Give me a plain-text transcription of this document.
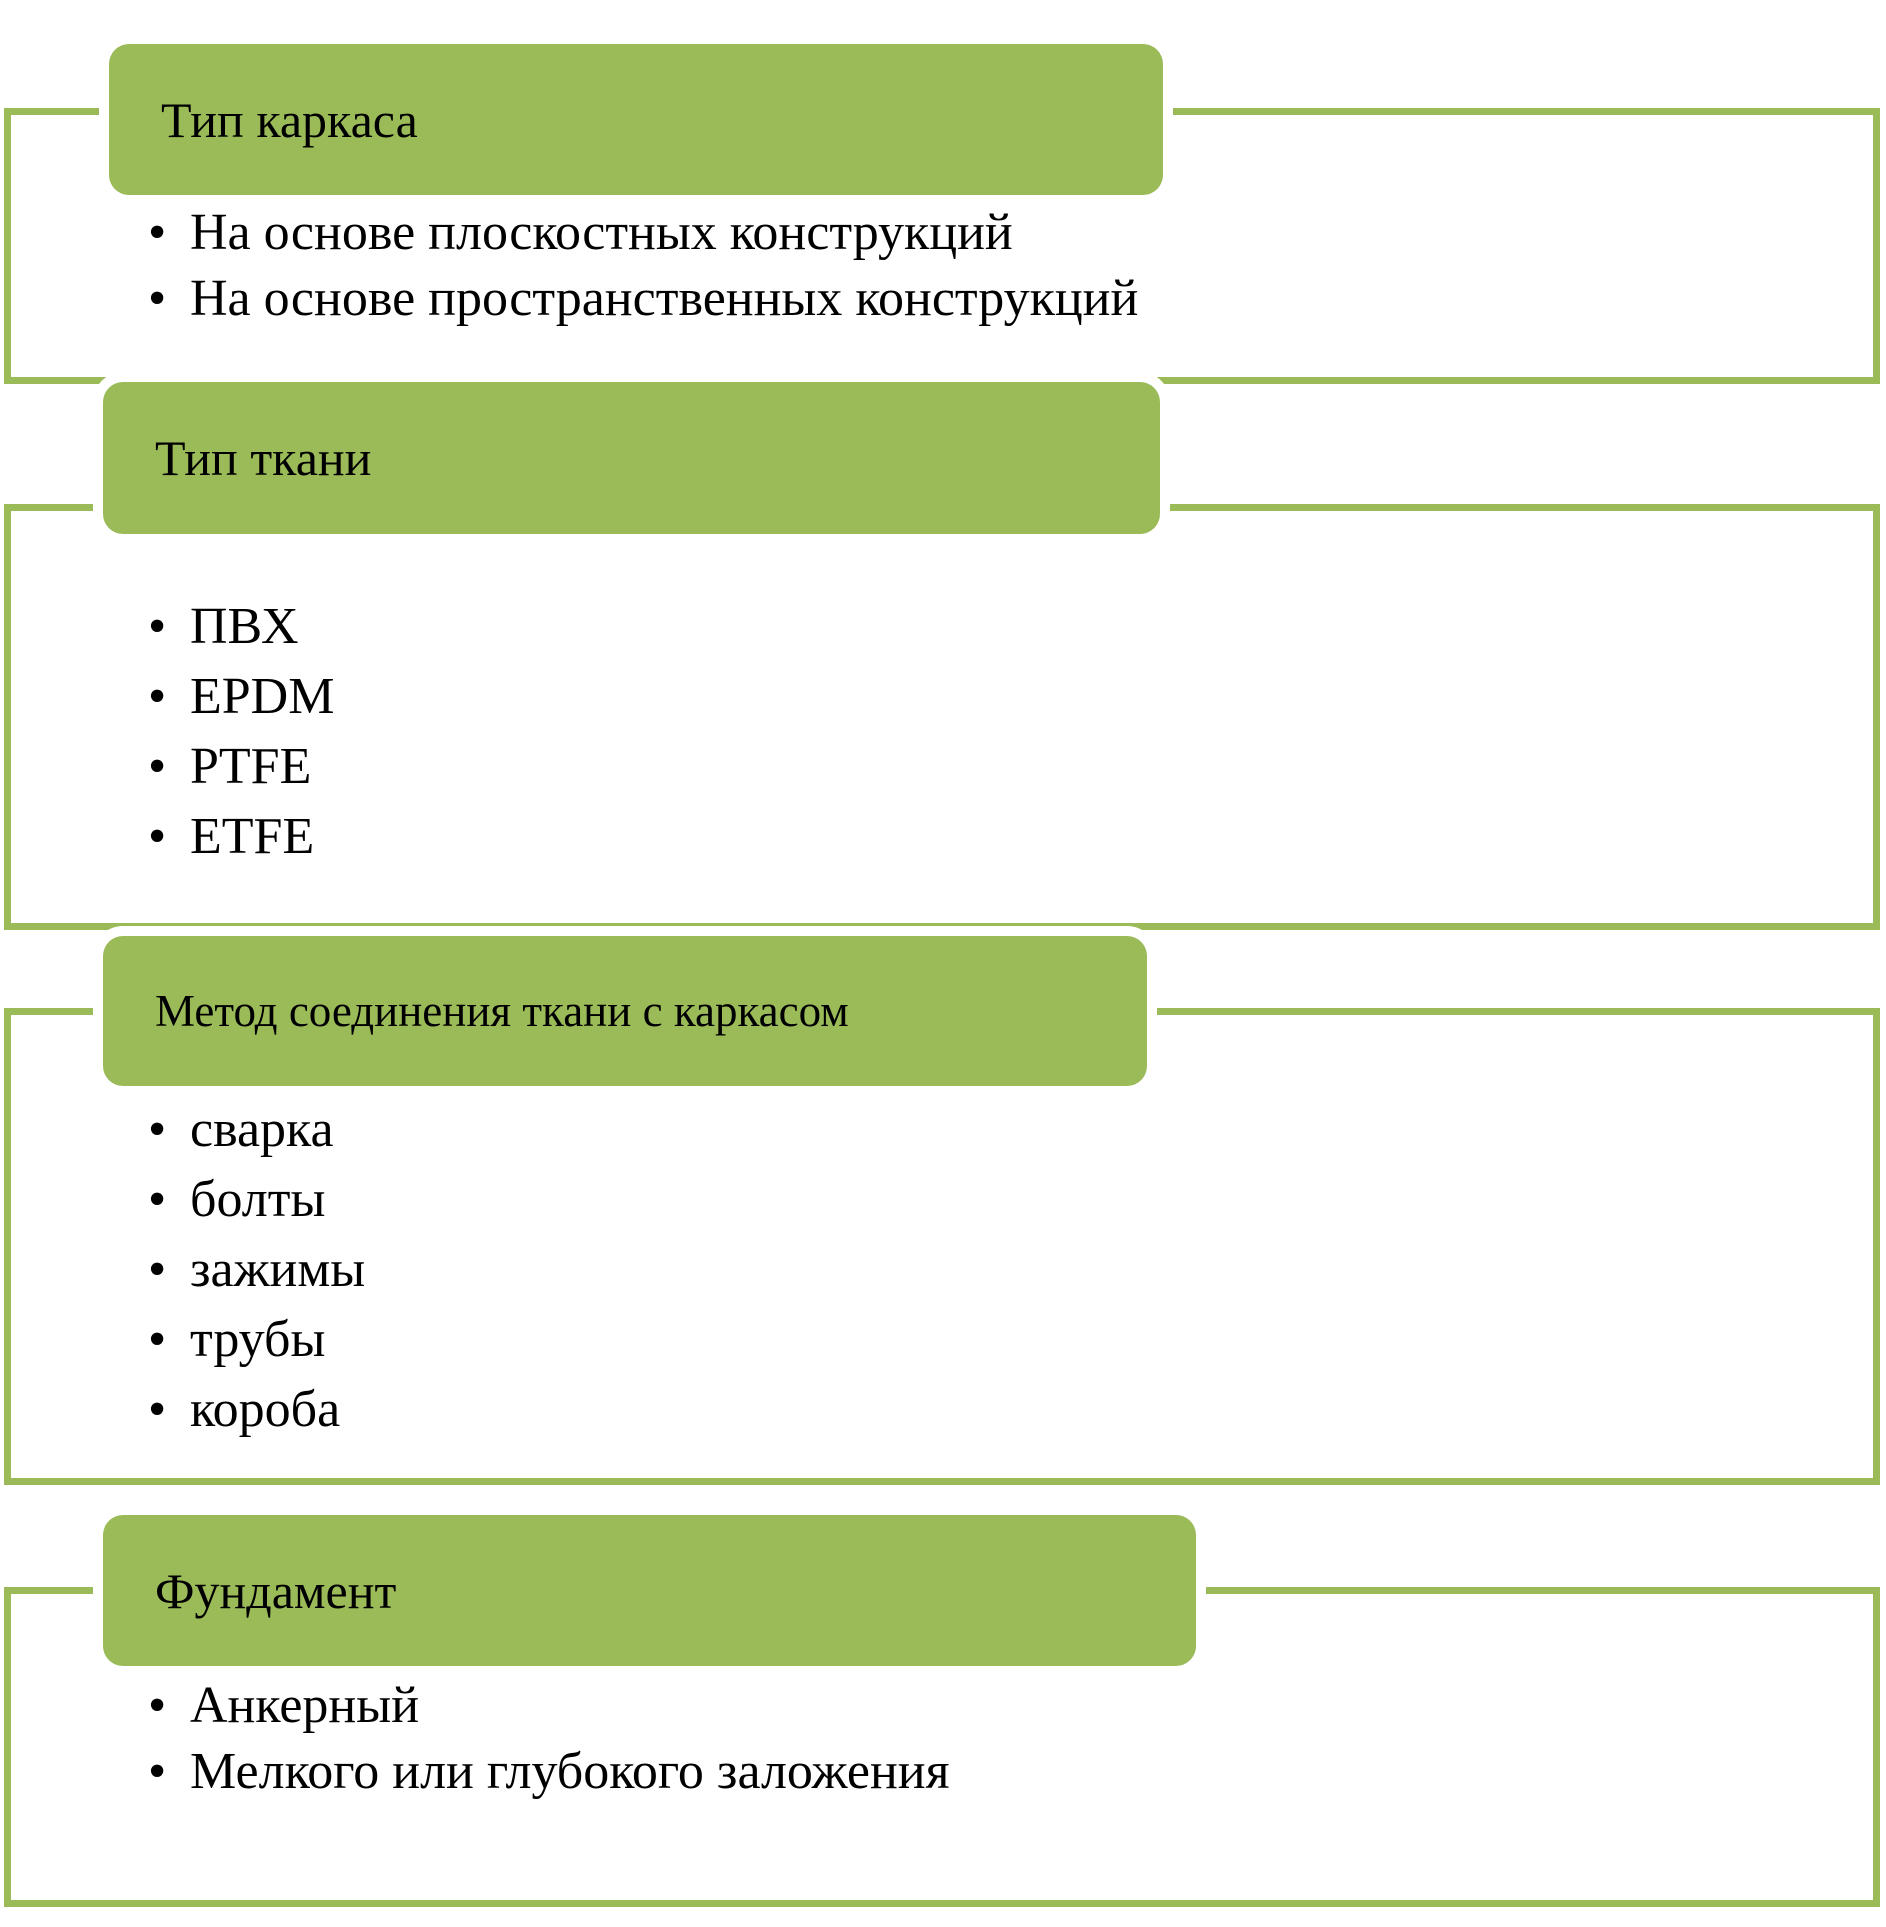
Тип каркаса
• На основе плоскостных конструкций
• На основе пространственных конструкций
Тип ткани
• ПВХ
• EPDM
• PTFE
• ETFE
Метод соединения ткани с каркасом
• сварка
• болты
• зажимы
• трубы
• короба
Фундамент
• Анкерный
• Мелкого или глубокого заложения
